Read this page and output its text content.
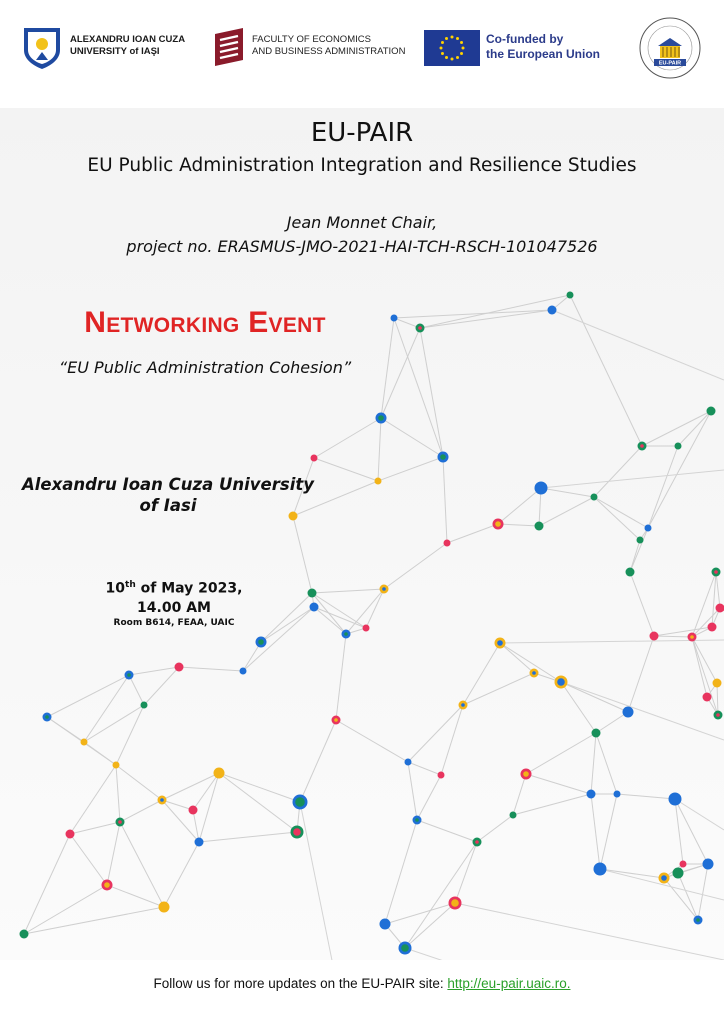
ALEXANDRU IOAN CUZA
UNIVERSITY of IAŞI
FACULTY OF ECONOMICS
AND BUSINESS ADMINISTRATION
Co-funded by
the European Union
EU-PAIR
EU-PAIR
EU Public Administration Integration and Resilience Studies
Jean Monnet Chair,
project no. ERASMUS-JMO-2021-HAI-TCH-RSCH-101047526
Networking Event
“EU Public Administration Cohesion”
Alexandru Ioan Cuza University
of Iasi
10th of May 2023,
14.00 AM
Room B614, FEAA, UAIC
Follow us for more updates on the EU-PAIR site: http://eu-pair.uaic.ro.
